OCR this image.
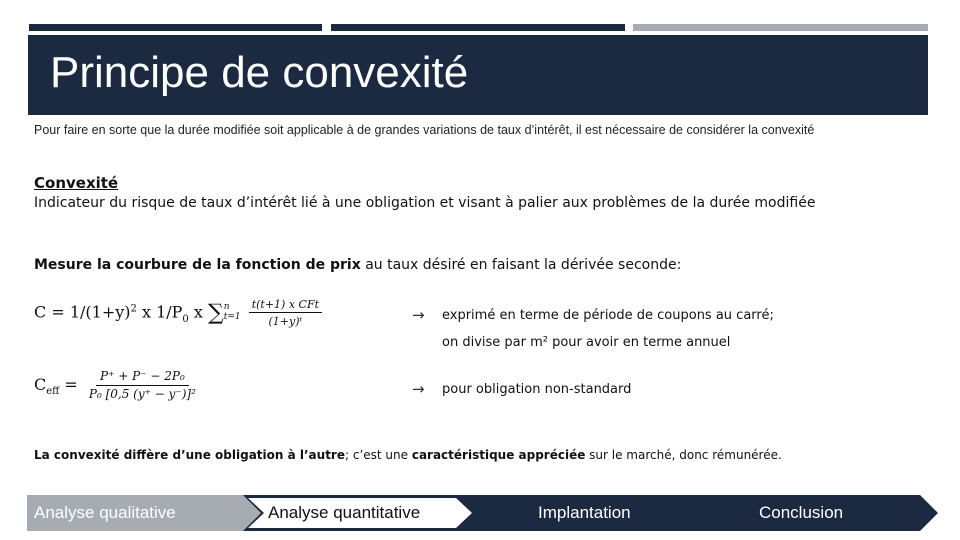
Principe de convexité
Pour faire en sorte que la durée modifiée soit applicable à de grandes variations de taux d’intérêt, il est nécessaire de considérer la convexité
Convexité
Indicateur du risque de taux d’intérêt lié à une obligation et visant à palier aux problèmes de la durée modifiée
Mesure la courbure de la fonction de prix au taux désiré en faisant la dérivée seconde:
$C = 1/(1+y)^2$ x $1/P_0$ x ∑ n
t=1
$\frac{\text{t(t+1) x CFt}}{\text{(1+y)ᵗ}}$	→ exprimé en terme de période de coupons au carré;
on divise par m² pour avoir en terme annuel
$C_{eff} = \frac{\text{P⁺ + P⁻ − 2P₀}}{\text{P₀ [0,5 (y⁺ − y⁻)]²}}$	→ pour obligation non-standard
La convexité diffère d’une obligation à l’autre; c’est une caractéristique appréciée sur le marché, donc rémunérée.
Analyse qualitative	Analyse quantitative	Implantation	Conclusion
